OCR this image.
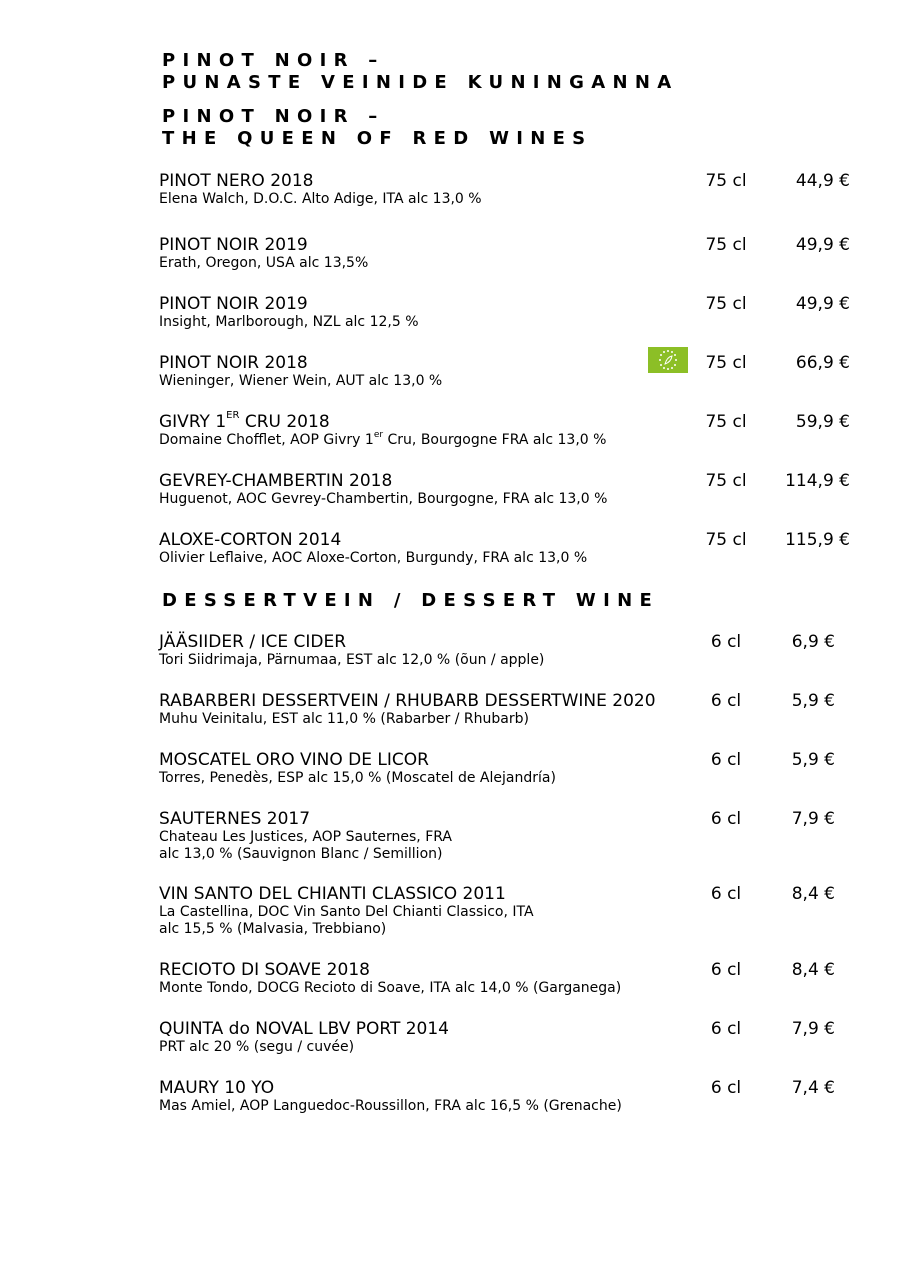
PINOT NOIR –
PUNASTE VEINIDE KUNINGANNA
PINOT NOIR –
THE QUEEN OF RED WINES
PINOT NERO 2018
Elena Walch, D.O.C. Alto Adige, ITA alc 13,0 %
75 cl	44,9 €
PINOT NOIR 2019
Erath, Oregon, USA alc 13,5%
75 cl	49,9 €
PINOT NOIR 2019
Insight, Marlborough, NZL alc 12,5 %
75 cl	49,9 €
PINOT NOIR 2018
Wieninger, Wiener Wein, AUT alc 13,0 %
75 cl	66,9 €
GIVRY 1ER CRU 2018
Domaine Chofflet, AOP Givry 1er Cru, Bourgogne FRA alc 13,0 %
75 cl	59,9 €
GEVREY-CHAMBERTIN 2018
Huguenot, AOC Gevrey-Chambertin, Bourgogne, FRA alc 13,0 %
75 cl	114,9 €
ALOXE-CORTON 2014
Olivier Leflaive, AOC Aloxe-Corton, Burgundy, FRA alc 13,0 %
75 cl	115,9 €
DESSERTVEIN / DESSERT WINE
JÄÄSIIDER / ICE CIDER
Tori Siidrimaja, Pärnumaa, EST alc 12,0 % (õun / apple)
6 cl	6,9 €
RABARBERI DESSERTVEIN / RHUBARB DESSERTWINE 2020
Muhu Veinitalu, EST alc 11,0 % (Rabarber / Rhubarb)
6 cl	5,9 €
MOSCATEL ORO VINO DE LICOR
Torres, Penedès, ESP alc 15,0 % (Moscatel de Alejandría)
6 cl	5,9 €
SAUTERNES 2017
Chateau Les Justices, AOP Sauternes, FRA
alc 13,0 % (Sauvignon Blanc / Semillion)
6 cl	7,9 €
VIN SANTO DEL CHIANTI CLASSICO 2011
La Castellina, DOC Vin Santo Del Chianti Classico, ITA
alc 15,5 % (Malvasia, Trebbiano)
6 cl	8,4 €
RECIOTO DI SOAVE 2018
Monte Tondo, DOCG Recioto di Soave, ITA alc 14,0 % (Garganega)
6 cl	8,4 €
QUINTA do NOVAL LBV PORT 2014
PRT alc 20 % (segu / cuvée)
6 cl	7,9 €
MAURY 10 YO
Mas Amiel, AOP Languedoc-Roussillon, FRA alc 16,5 % (Grenache)
6 cl	7,4 €
